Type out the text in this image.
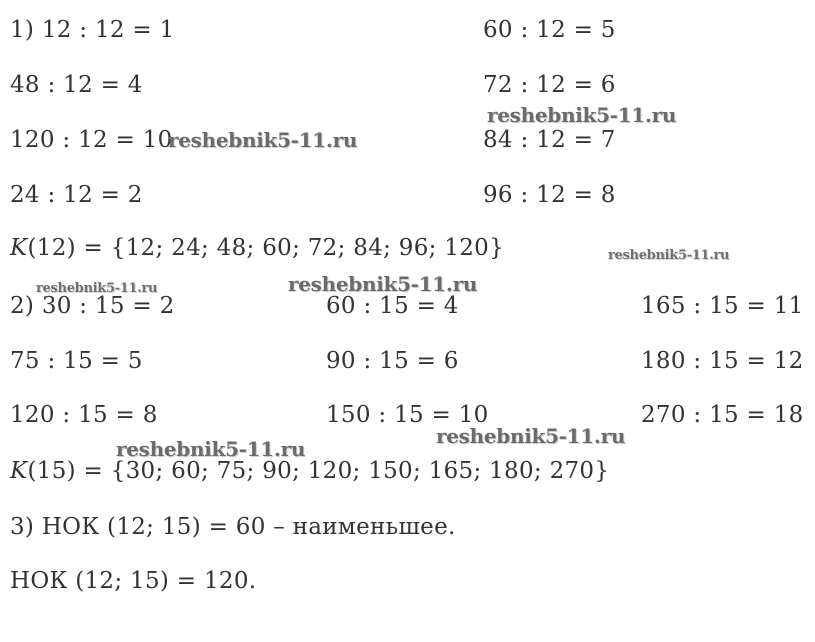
1) 12 : 12 = 1
48 : 12 = 4
120 : 12 = 10
24 : 12 = 2
60 : 12 = 5
72 : 12 = 6
84 : 12 = 7
96 : 12 = 8
K(12) = {12; 24; 48; 60; 72; 84; 96; 120}
2) 30 : 15 = 2
75 : 15 = 5
120 : 15 = 8
60 : 15 = 4
90 : 15 = 6
150 : 15 = 10
165 : 15 = 11
180 : 15 = 12
270 : 15 = 18
K(15) = {30; 60; 75; 90; 120; 150; 165; 180; 270}
3) НОК (12; 15) = 60 – наименьшее.
НОК (12; 15) = 120.
reshebnik5-11.ru
reshebnik5-11.ru
reshebnik5-11.ru
reshebnik5-11.ru
reshebnik5-11.ru
reshebnik5-11.ru
reshebnik5-11.ru
